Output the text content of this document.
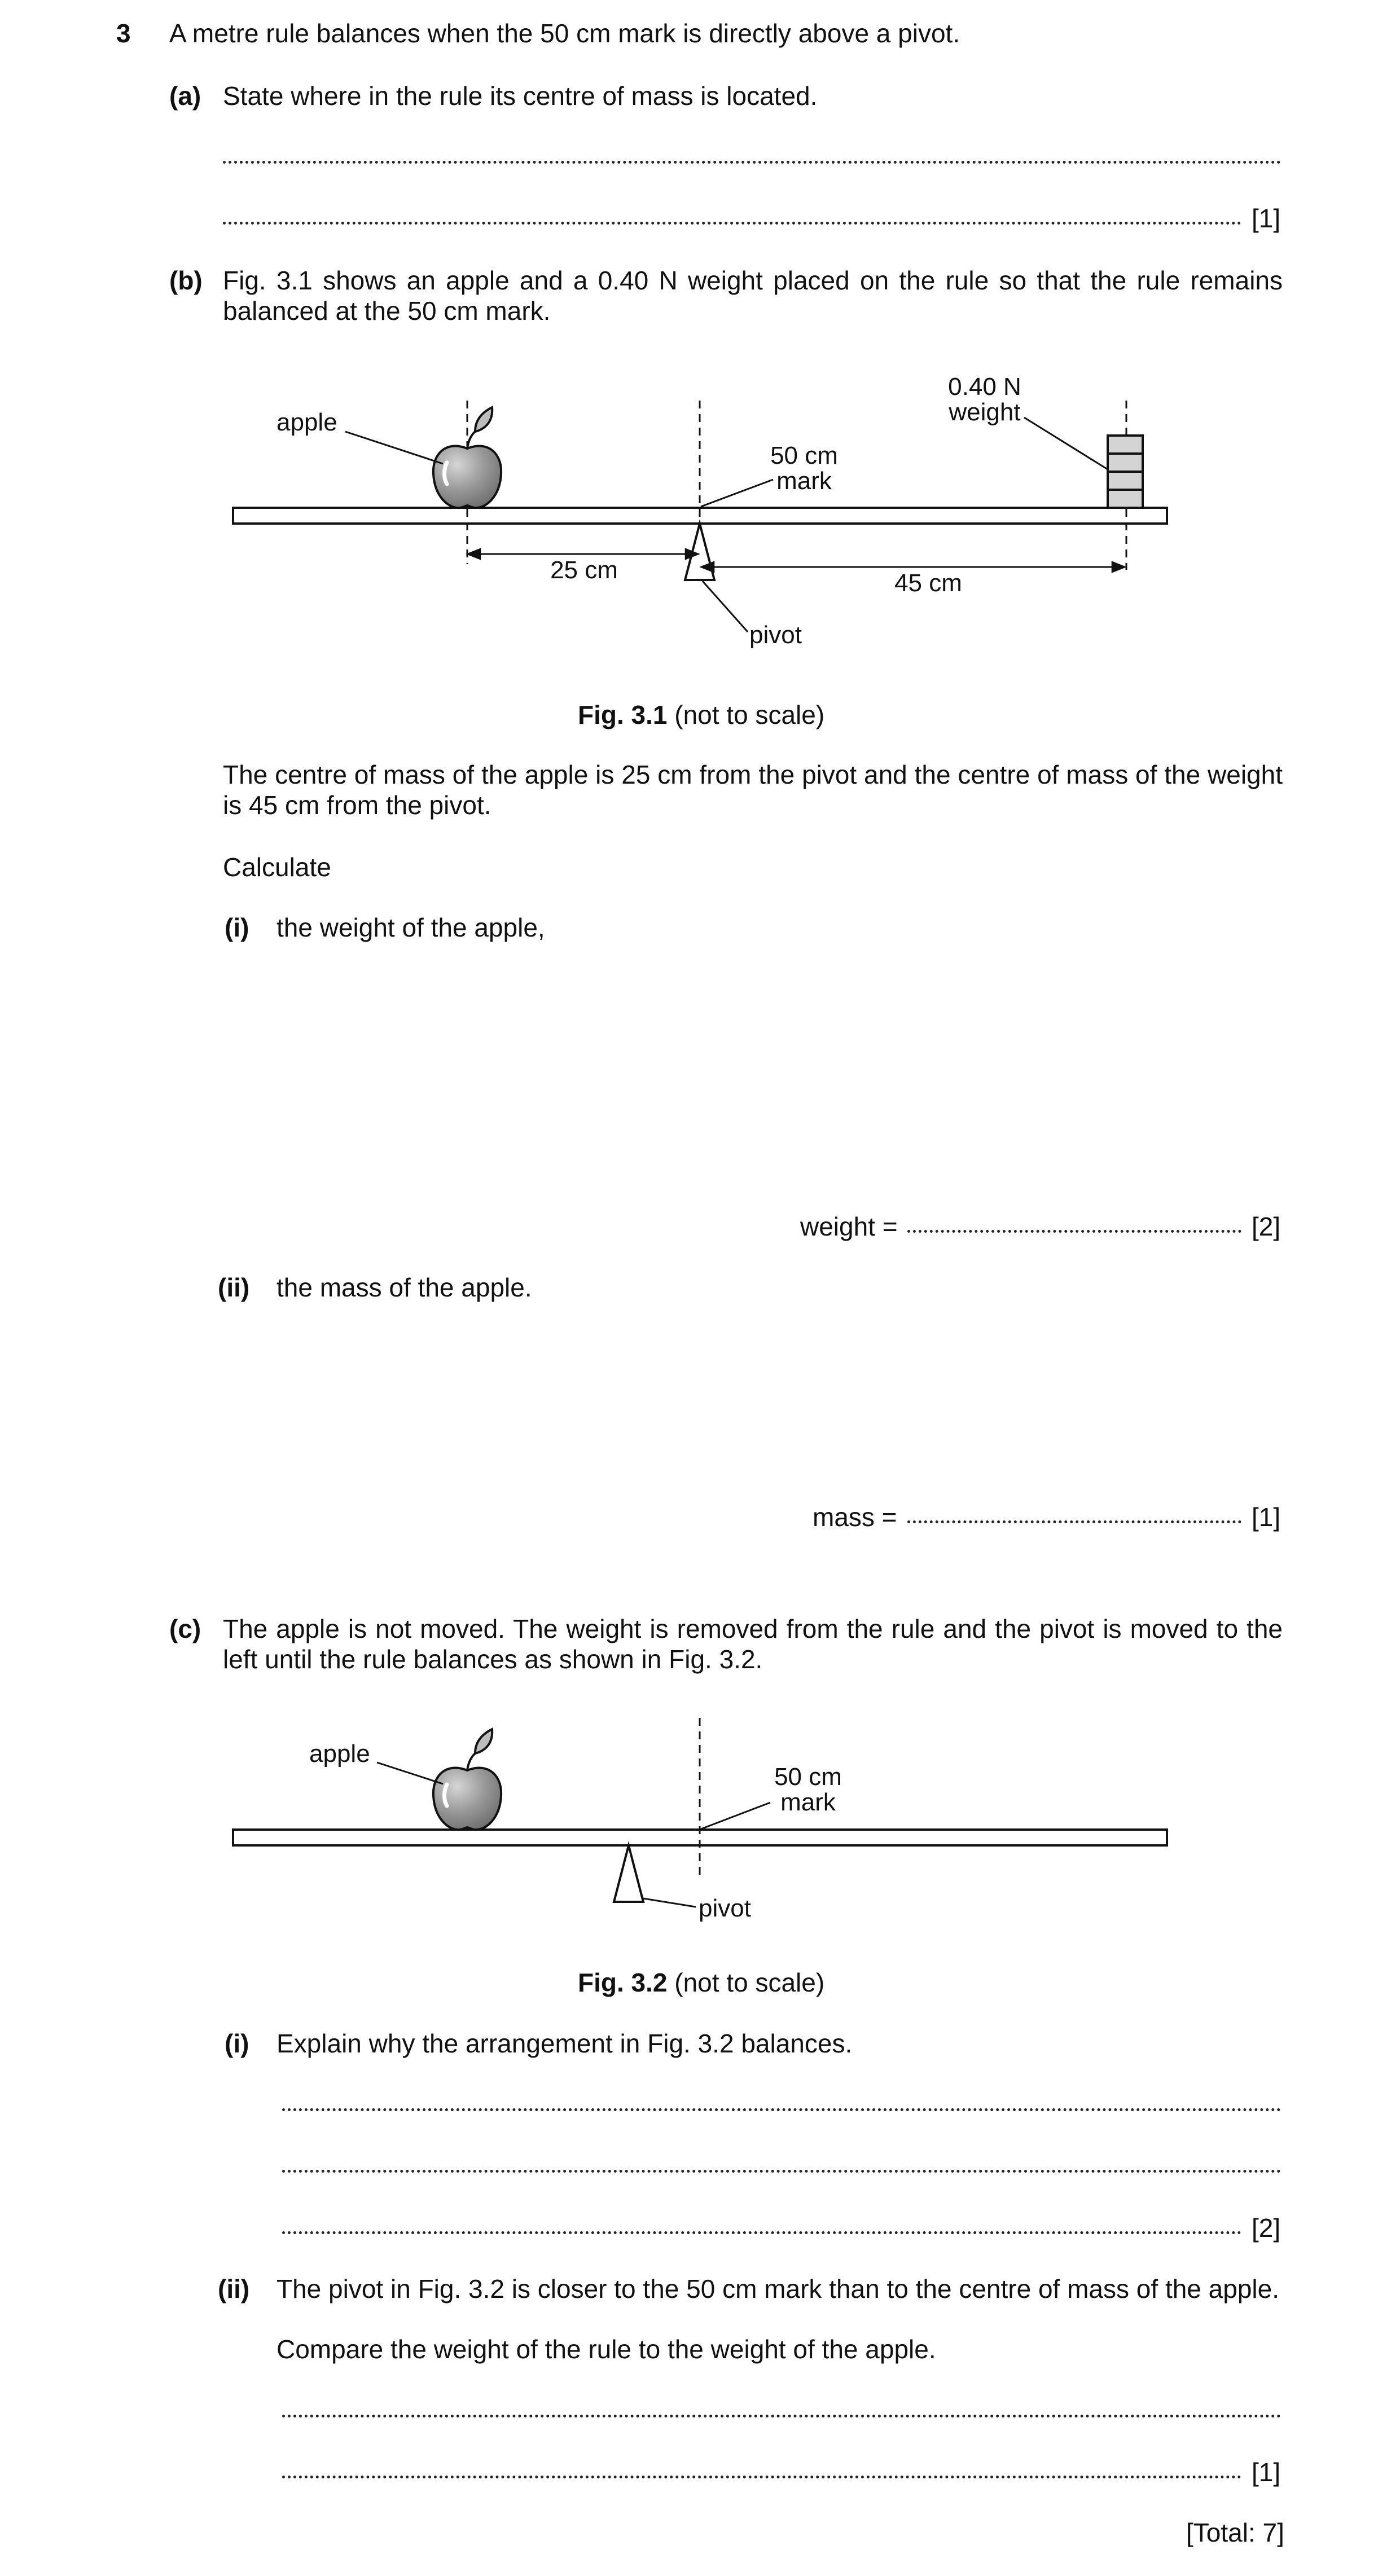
3 A metre rule balances when the 50 cm mark is directly above a pivot.
(a) State where in the rule its centre of mass is located.
[1]
(b) Fig. 3.1 shows an apple and a 0.40 N weight placed on the rule so that the rule remains balanced at the 50 cm mark.
apple
0.40 N
weight
50 cm
mark
pivot
25 cm	45 cm
Fig. 3.1 (not to scale)
The centre of mass of the apple is 25 cm from the pivot and the centre of mass of the weight is 45 cm from the pivot.
Calculate
(i) the weight of the apple,
weight =	[2]
(ii) the mass of the apple.
mass =	[1]
(c) The apple is not moved. The weight is removed from the rule and the pivot is moved to the left until the rule balances as shown in Fig. 3.2.
apple
50 cm
mark
pivot
Fig. 3.2 (not to scale)
(i) Explain why the arrangement in Fig. 3.2 balances.
[2]
(ii) The pivot in Fig. 3.2 is closer to the 50 cm mark than to the centre of mass of the apple.
Compare the weight of the rule to the weight of the apple.
[1]
[Total: 7]
